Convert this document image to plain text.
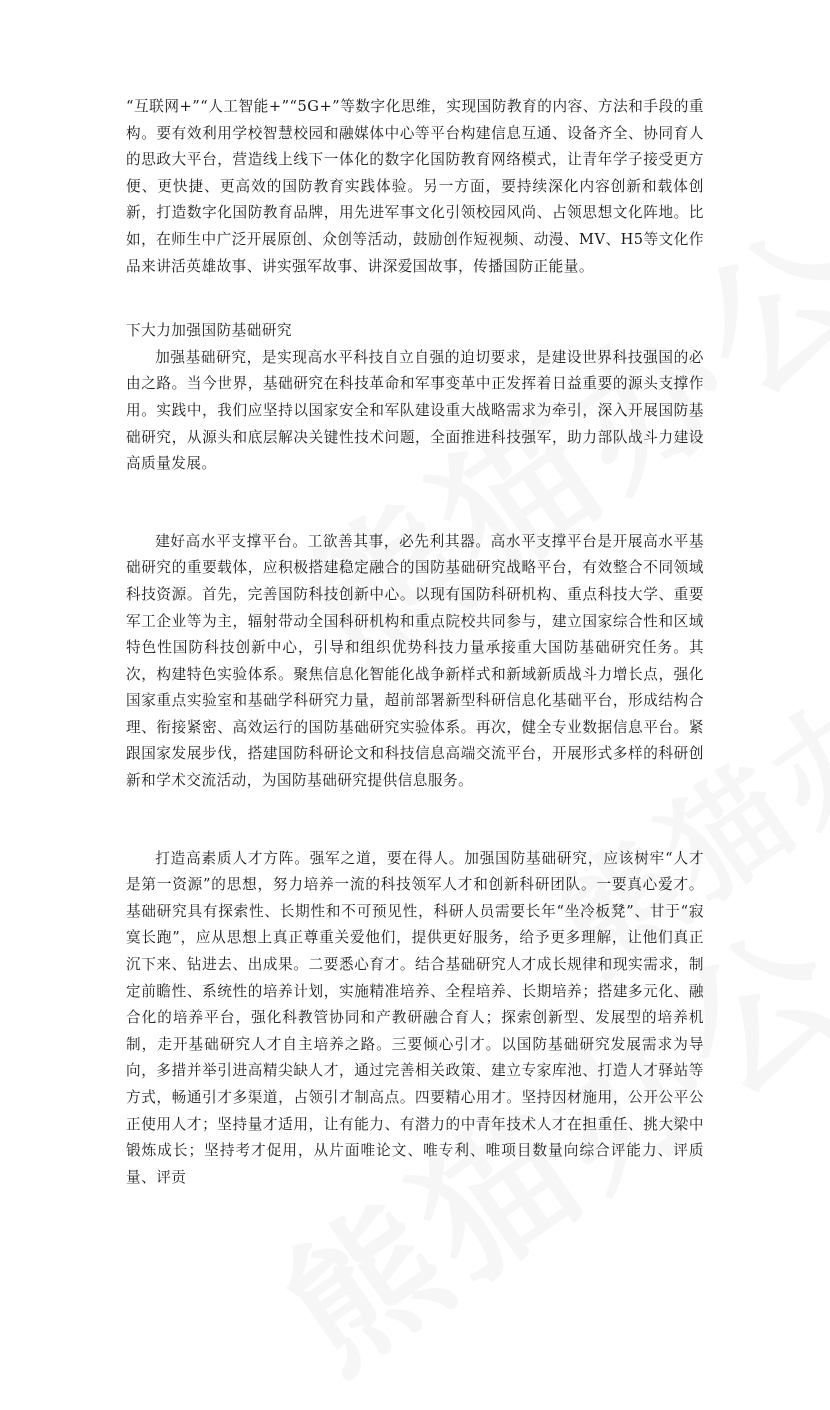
“互联网+”“人工智能+”“5G+”等数字化思维，实现国防教育的内容、方法和手段的重构。要有效利用学校智慧校园和融媒体中心等平台构建信息互通、设备齐全、协同育人的思政大平台，营造线上线下一体化的数字化国防教育网络模式，让青年学子接受更方便、更快捷、更高效的国防教育实践体验。另一方面，要持续深化内容创新和载体创新，打造数字化国防教育品牌，用先进军事文化引领校园风尚、占领思想文化阵地。比如，在师生中广泛开展原创、众创等活动，鼓励创作短视频、动漫、MV、H5等文化作品来讲活英雄故事、讲实强军故事、讲深爱国故事，传播国防正能量。

下大力加强国防基础研究

加强基础研究，是实现高水平科技自立自强的迫切要求，是建设世界科技强国的必由之路。当今世界，基础研究在科技革命和军事变革中正发挥着日益重要的源头支撑作用。实践中，我们应坚持以国家安全和军队建设重大战略需求为牵引，深入开展国防基础研究，从源头和底层解决关键性技术问题，全面推进科技强军，助力部队战斗力建设高质量发展。

建好高水平支撑平台。工欲善其事，必先利其器。高水平支撑平台是开展高水平基础研究的重要载体，应积极搭建稳定融合的国防基础研究战略平台，有效整合不同领域科技资源。首先，完善国防科技创新中心。以现有国防科研机构、重点科技大学、重要军工企业等为主，辐射带动全国科研机构和重点院校共同参与，建立国家综合性和区域特色性国防科技创新中心，引导和组织优势科技力量承接重大国防基础研究任务。其次，构建特色实验体系。聚焦信息化智能化战争新样式和新域新质战斗力增长点，强化国家重点实验室和基础学科研究力量，超前部署新型科研信息化基础平台，形成结构合理、衔接紧密、高效运行的国防基础研究实验体系。再次，健全专业数据信息平台。紧跟国家发展步伐，搭建国防科研论文和科技信息高端交流平台，开展形式多样的科研创新和学术交流活动，为国防基础研究提供信息服务。

打造高素质人才方阵。强军之道，要在得人。加强国防基础研究，应该树牢“人才是第一资源”的思想，努力培养一流的科技领军人才和创新科研团队。一要真心爱才。基础研究具有探索性、长期性和不可预见性，科研人员需要长年“坐冷板凳”、甘于“寂寞长跑”，应从思想上真正尊重关爱他们，提供更好服务，给予更多理解，让他们真正沉下来、钻进去、出成果。二要悉心育才。结合基础研究人才成长规律和现实需求，制定前瞻性、系统性的培养计划，实施精准培养、全程培养、长期培养；搭建多元化、融合化的培养平台，强化科教管协同和产教研融合育人；探索创新型、发展型的培养机制，走开基础研究人才自主培养之路。三要倾心引才。以国防基础研究发展需求为导向，多措并举引进高精尖缺人才，通过完善相关政策、建立专家库池、打造人才驿站等方式，畅通引才多渠道，占领引才制高点。四要精心用才。坚持因材施用，公开公平公正使用人才；坚持量才适用，让有能力、有潜力的中青年技术人才在担重任、挑大梁中锻炼成长；坚持考才促用，从片面唯论文、唯专利、唯项目数量向综合评能力、评质量、评贡
